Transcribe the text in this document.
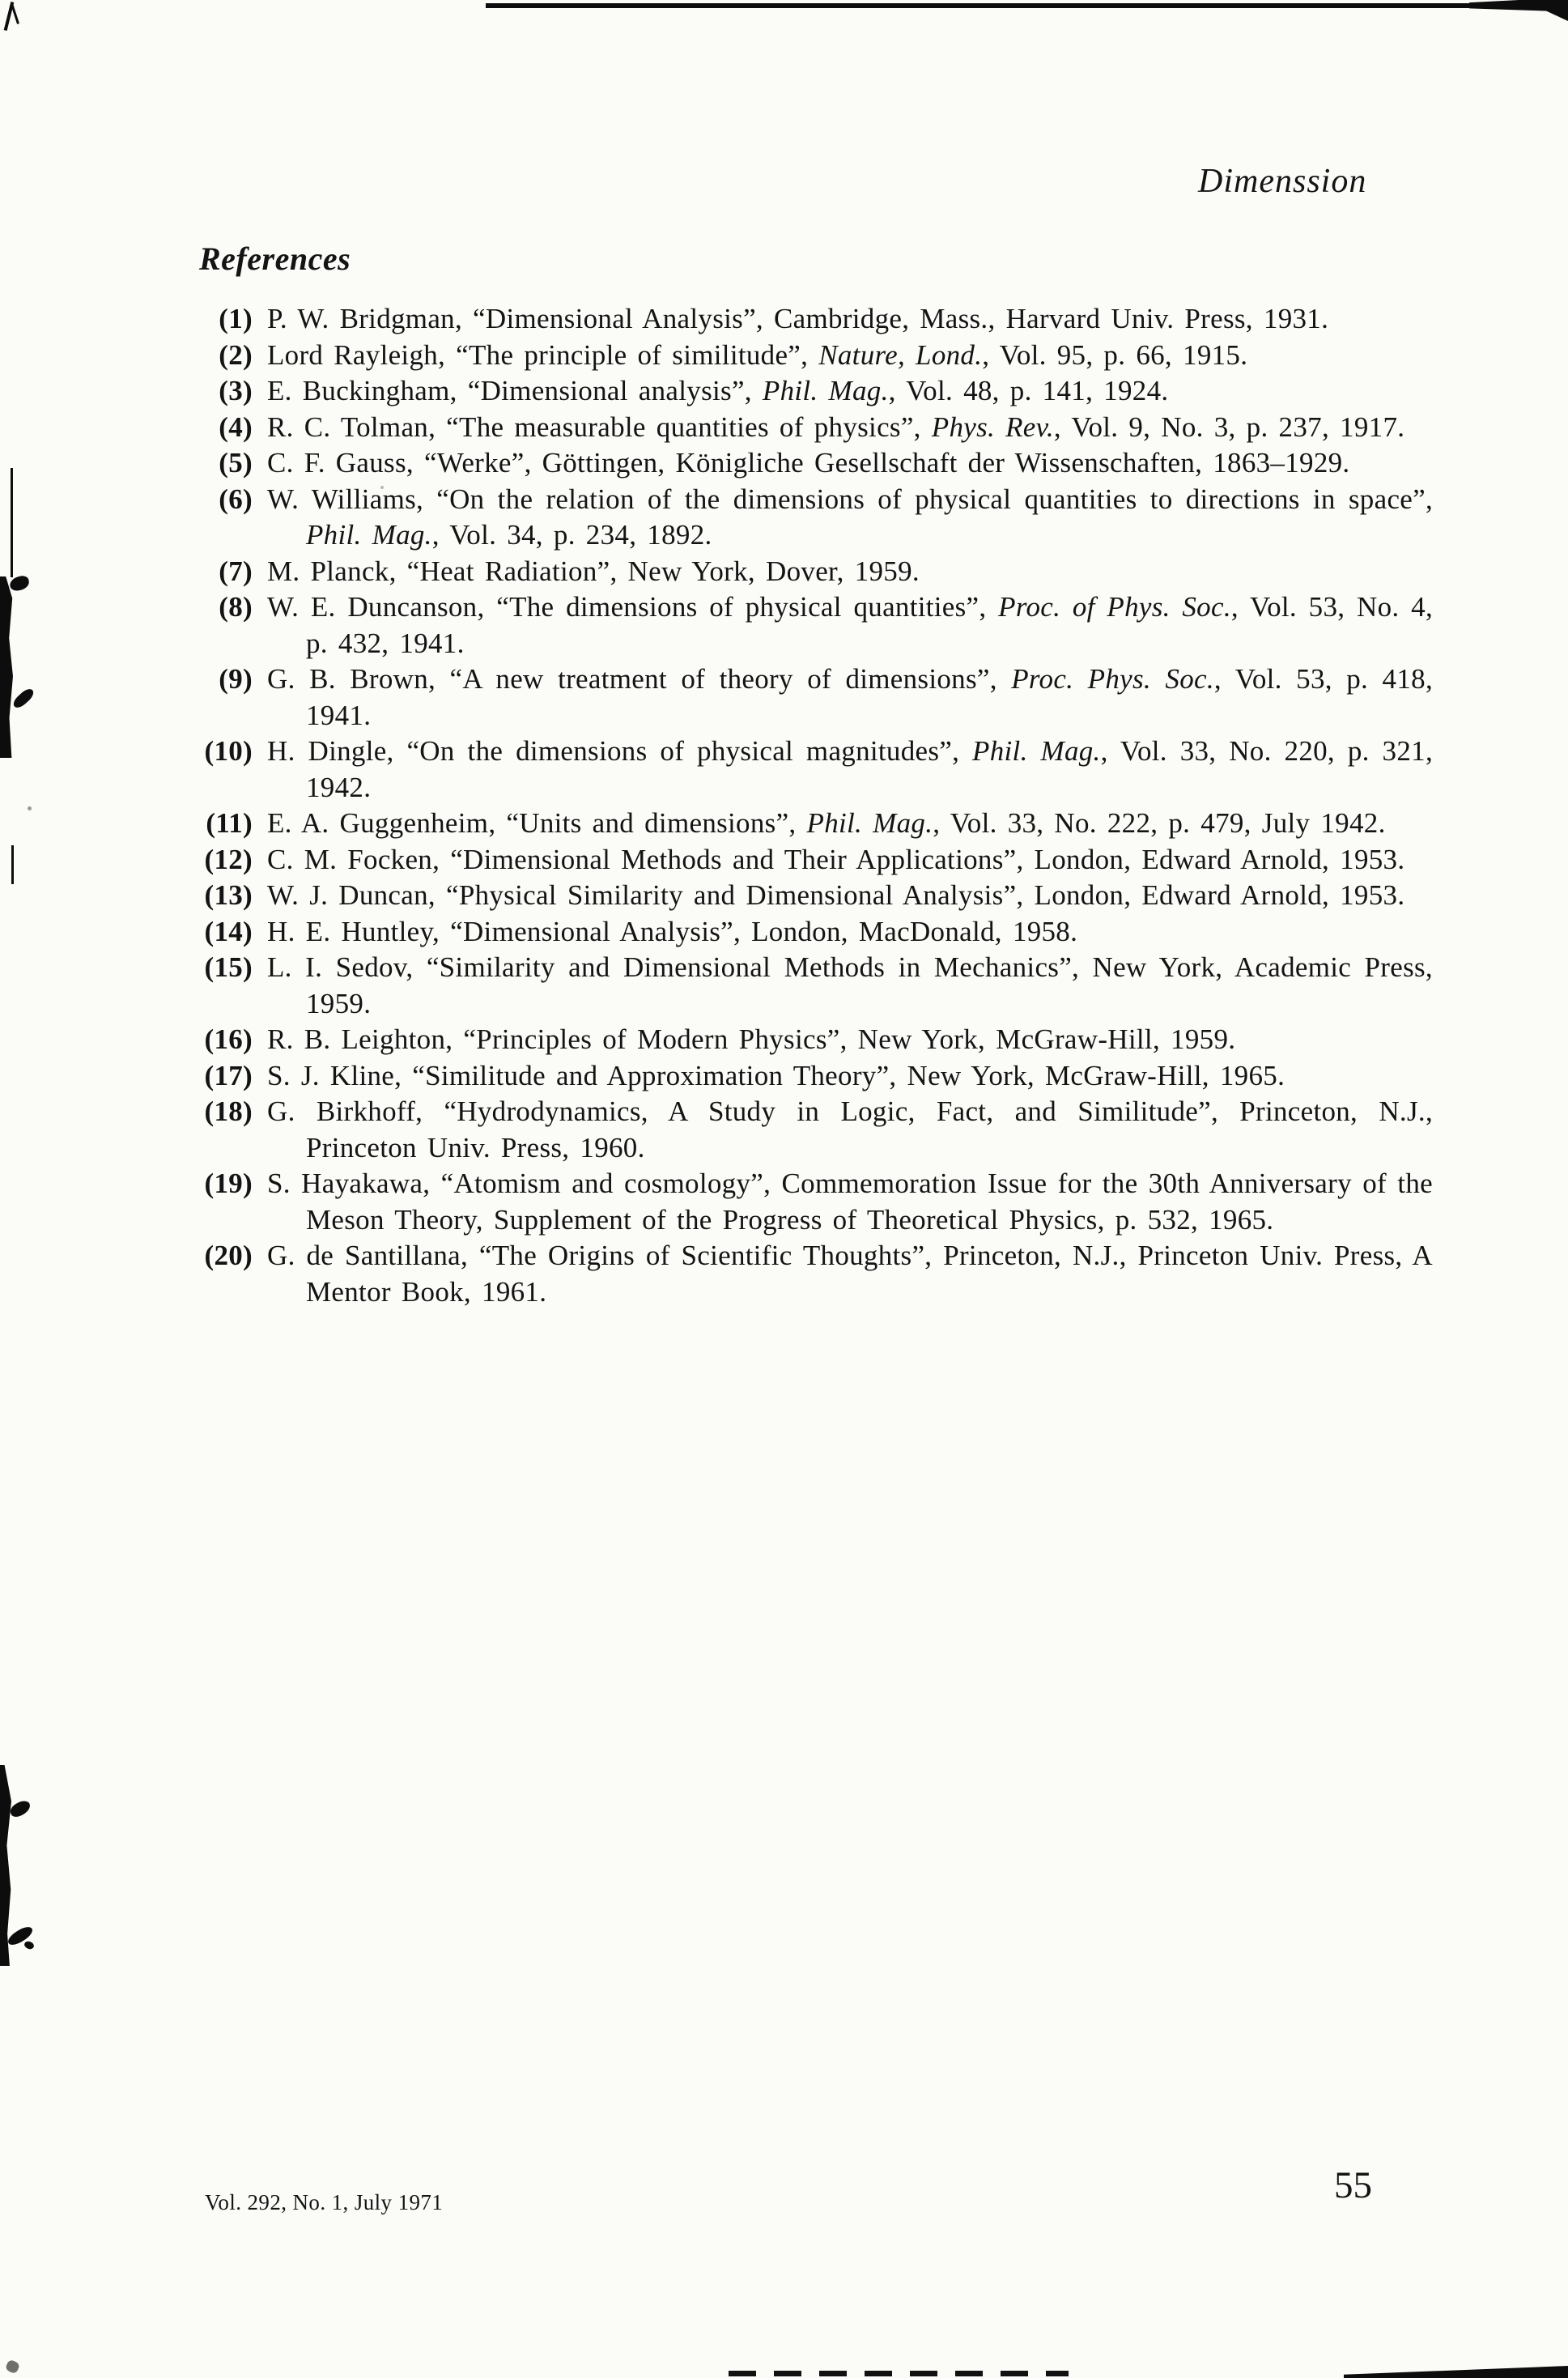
Dimenssion
References
(1) P. W. Bridgman, “Dimensional Analysis”, Cambridge, Mass., Harvard Univ. Press, 1931.
(2) Lord Rayleigh, “The principle of similitude”, Nature, Lond., Vol. 95, p. 66, 1915.
(3) E. Buckingham, “Dimensional analysis”, Phil. Mag., Vol. 48, p. 141, 1924.
(4) R. C. Tolman, “The measurable quantities of physics”, Phys. Rev., Vol. 9, No. 3, p. 237, 1917.
(5) C. F. Gauss, “Werke”, Göttingen, Königliche Gesellschaft der Wissenschaften, 1863–1929.
(6) W. Williams, “On the relation of the dimensions of physical quantities to directions in space”, Phil. Mag., Vol. 34, p. 234, 1892.
(7) M. Planck, “Heat Radiation”, New York, Dover, 1959.
(8) W. E. Duncanson, “The dimensions of physical quantities”, Proc. of Phys. Soc., Vol. 53, No. 4, p. 432, 1941.
(9) G. B. Brown, “A new treatment of theory of dimensions”, Proc. Phys. Soc., Vol. 53, p. 418, 1941.
(10) H. Dingle, “On the dimensions of physical magnitudes”, Phil. Mag., Vol. 33, No. 220, p. 321, 1942.
(11) E. A. Guggenheim, “Units and dimensions”, Phil. Mag., Vol. 33, No. 222, p. 479, July 1942.
(12) C. M. Focken, “Dimensional Methods and Their Applications”, London, Edward Arnold, 1953.
(13) W. J. Duncan, “Physical Similarity and Dimensional Analysis”, London, Edward Arnold, 1953.
(14) H. E. Huntley, “Dimensional Analysis”, London, MacDonald, 1958.
(15) L. I. Sedov, “Similarity and Dimensional Methods in Mechanics”, New York, Academic Press, 1959.
(16) R. B. Leighton, “Principles of Modern Physics”, New York, McGraw-Hill, 1959.
(17) S. J. Kline, “Similitude and Approximation Theory”, New York, McGraw-Hill, 1965.
(18) G. Birkhoff, “Hydrodynamics, A Study in Logic, Fact, and Similitude”, Princeton, N.J., Princeton Univ. Press, 1960.
(19) S. Hayakawa, “Atomism and cosmology”, Commemoration Issue for the 30th Anniversary of the Meson Theory, Supplement of the Progress of Theoretical Physics, p. 532, 1965.
(20) G. de Santillana, “The Origins of Scientific Thoughts”, Princeton, N.J., Princeton Univ. Press, A Mentor Book, 1961.
Vol. 292, No. 1, July 1971	55
